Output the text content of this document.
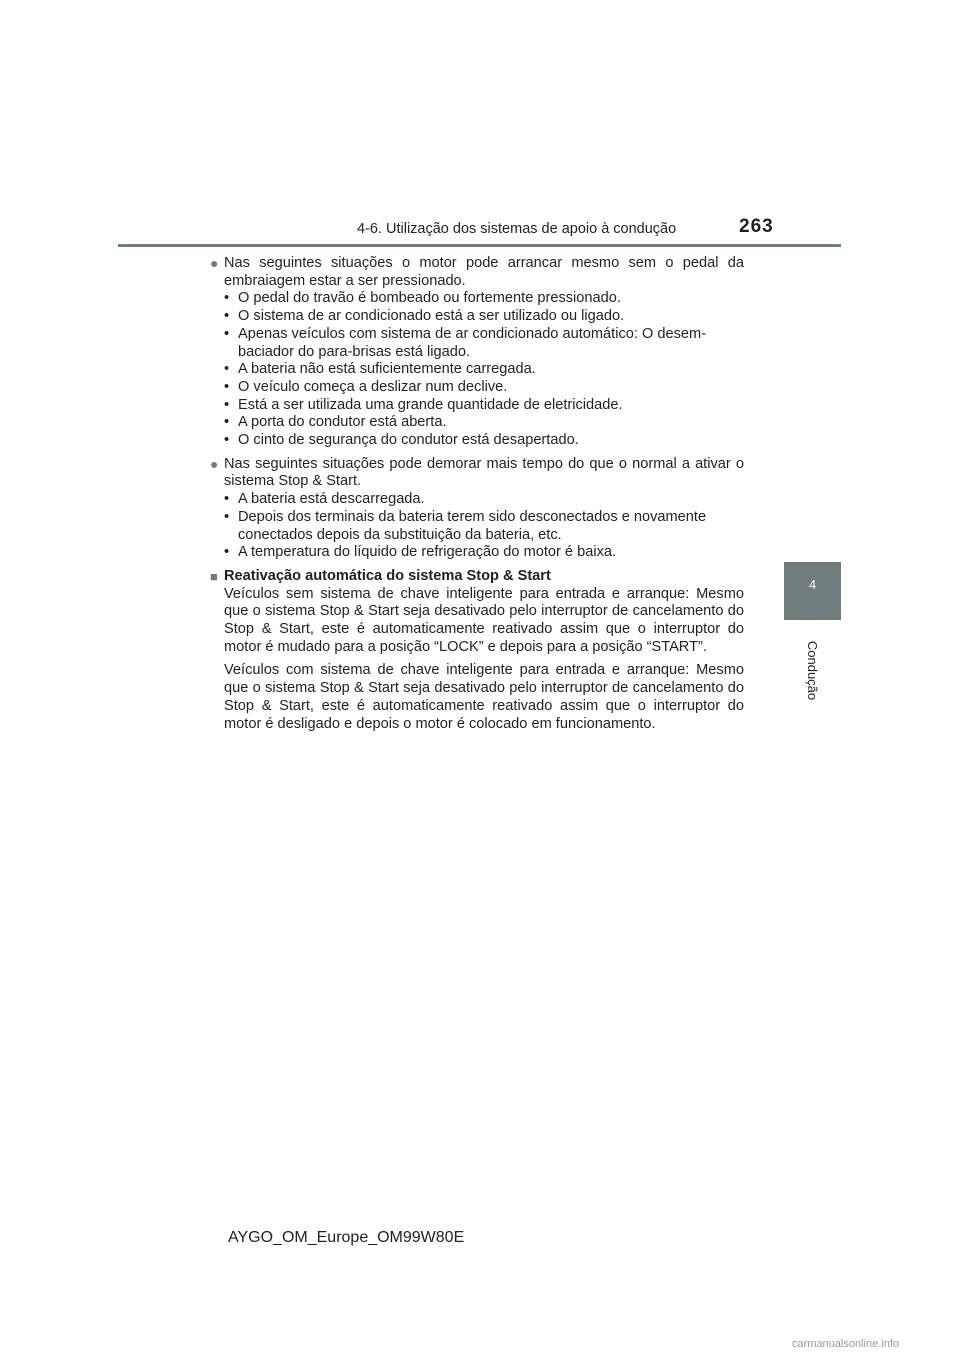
4-6. Utilização dos sistemas de apoio à condução	263
4
Condução

● Nas seguintes situações o motor pode arrancar mesmo sem o pedal da embraiagem estar a ser pressionado.

• O pedal do travão é bombeado ou fortemente pressionado.
• O sistema de ar condicionado está a ser utilizado ou ligado.
• Apenas veículos com sistema de ar condicionado automático: O desembaciador do para-brisas está ligado.
• A bateria não está suficientemente carregada.
• O veículo começa a deslizar num declive.
• Está a ser utilizada uma grande quantidade de eletricidade.
• A porta do condutor está aberta.
• O cinto de segurança do condutor está desapertado.

● Nas seguintes situações pode demorar mais tempo do que o normal a ativar o sistema Stop & Start.

• A bateria está descarregada.
• Depois dos terminais da bateria terem sido desconectados e novamente conectados depois da substituição da bateria, etc.
• A temperatura do líquido de refrigeração do motor é baixa.

■ Reativação automática do sistema Stop & Start

Veículos sem sistema de chave inteligente para entrada e arranque: Mesmo que o sistema Stop & Start seja desativado pelo interruptor de cancelamento do Stop & Start, este é automaticamente reativado assim que o interruptor do motor é mudado para a posição “LOCK” e depois para a posição “START”.

Veículos com sistema de chave inteligente para entrada e arranque: Mesmo que o sistema Stop & Start seja desativado pelo interruptor de cancelamento do Stop & Start, este é automaticamente reativado assim que o interruptor do motor é desligado e depois o motor é colocado em funcionamento.

AYGO_OM_Europe_OM99W80E
carmanualsonline.info
